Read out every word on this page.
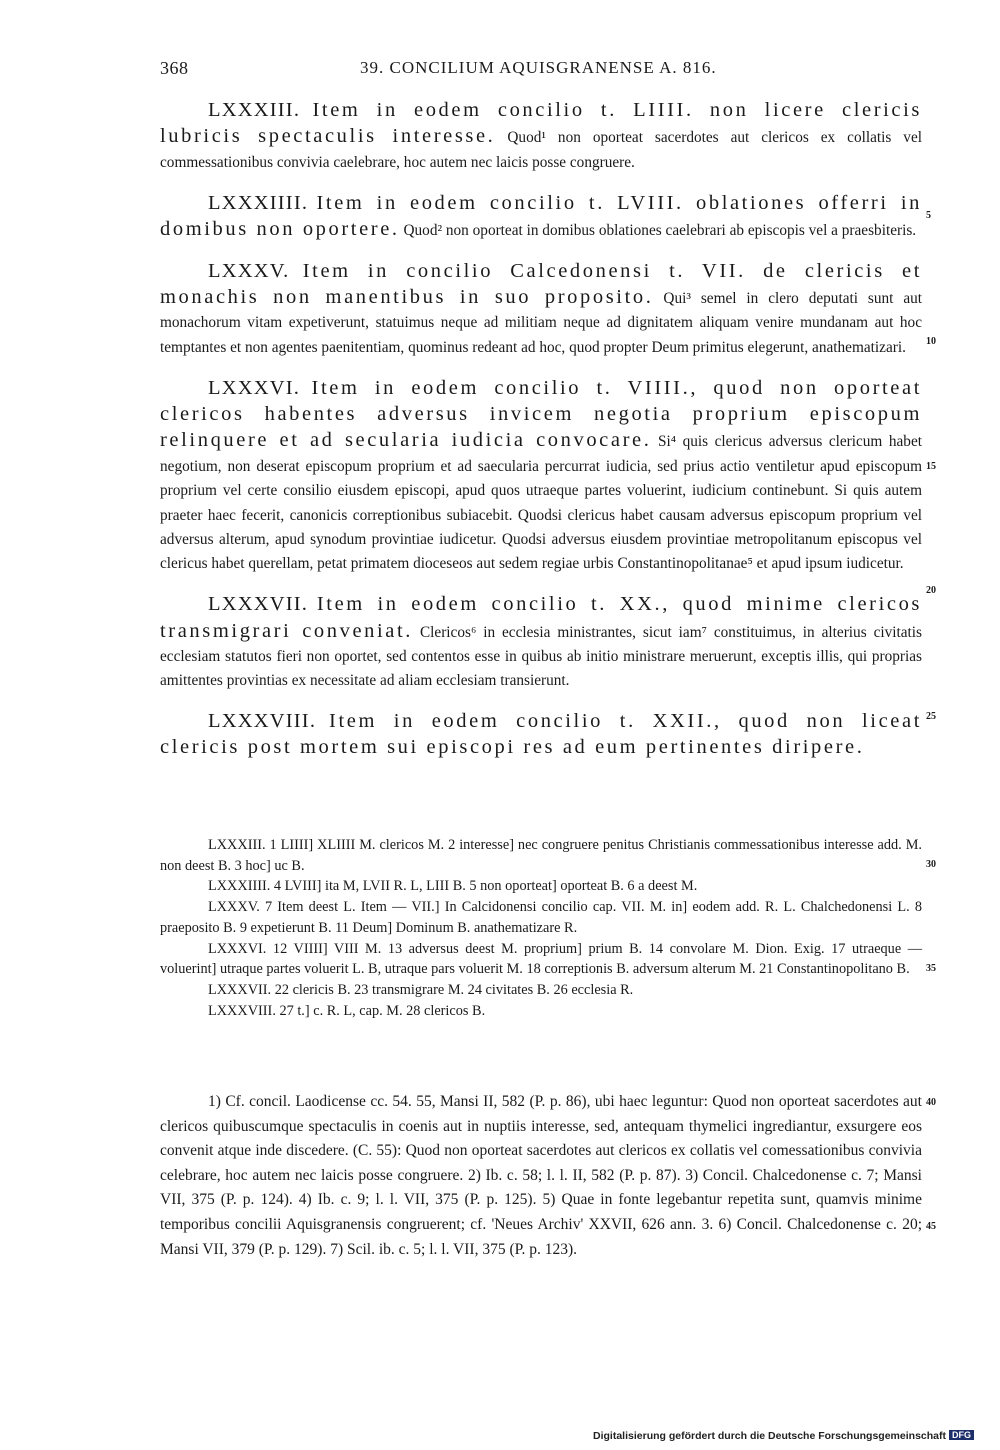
368	39. CONCILIUM AQUISGRANENSE A. 816.

LXXXIII. Item in eodem concilio t. LIIII. non licere clericis lubricis spectaculis interesse. Quod¹ non oporteat sacerdotes aut clericos ex collatis vel commessationibus convivia caelebrare, hoc autem nec laicis posse congruere.

LXXXIIII. Item in eodem concilio t. LVIII. oblationes offerri in domibus non oportere. Quod² non oporteat in domibus oblationes caelebrari ab episcopis vel a praesbiteris.

LXXXV. Item in concilio Calcedonensi t. VII. de clericis et monachis non manentibus in suo proposito. Qui³ semel in clero deputati sunt aut monachorum vitam expetiverunt, statuimus neque ad militiam neque ad dignitatem aliquam venire mundanam aut hoc temptantes et non agentes paenitentiam, quominus redeant ad hoc, quod propter Deum primitus elegerunt, anathematizari.

LXXXVI. Item in eodem concilio t. VIIII., quod non oporteat clericos habentes adversus invicem negotia proprium episcopum relinquere et ad secularia iudicia convocare. Si⁴ quis clericus adversus clericum habet negotium, non deserat episcopum proprium et ad saecularia percurrat iudicia, sed prius actio ventiletur apud episcopum proprium vel certe consilio eiusdem episcopi, apud quos utraeque partes voluerint, iudicium continebunt. Si quis autem praeter haec fecerit, canonicis correptionibus subiacebit. Quodsi clericus habet causam adversus episcopum proprium vel adversus alterum, apud synodum provintiae iudicetur. Quodsi adversus eiusdem provintiae metropolitanum episcopus vel clericus habet querellam, petat primatem dioceseos aut sedem regiae urbis Constantinopolitanae⁵ et apud ipsum iudicetur.

LXXXVII. Item in eodem concilio t. XX., quod minime clericos transmigrari conveniat. Clericos⁶ in ecclesia ministrantes, sicut iam⁷ constituimus, in alterius civitatis ecclesiam statutos fieri non oportet, sed contentos esse in quibus ab initio ministrare meruerunt, exceptis illis, qui proprias amittentes provintias ex necessitate ad aliam ecclesiam transierunt.

LXXXVIII. Item in eodem concilio t. XXII., quod non liceat clericis post mortem sui episcopi res ad eum pertinentes diripere.

5
10
15
20
25
30
35
40
45
LXXXIII. 1 LIIII] XLIIII M. clericos M. 2 interesse] nec congruere penitus Christianis commessationibus interesse add. M. non deest B. 3 hoc] uc B.
LXXXIIII. 4 LVIII] ita M, LVII R. L, LIII B. 5 non oporteat] oporteat B. 6 a deest M.
LXXXV. 7 Item deest L. Item — VII.] In Calcidonensi concilio cap. VII. M. in] eodem add. R. L. Chalchedonensi L. 8 praeposito B. 9 expetierunt B. 11 Deum] Dominum B. anathematizare R.
LXXXVI. 12 VIIII] VIII M. 13 adversus deest M. proprium] prium B. 14 convolare M. Dion. Exig. 17 utraeque — voluerint] utraque partes voluerit L. B, utraque pars voluerit M. 18 correptionis B. adversum alterum M. 21 Constantinopolitano B.
LXXXVII. 22 clericis B. 23 transmigrare M. 24 civitates B. 26 ecclesia R.
LXXXVIII. 27 t.] c. R. L, cap. M. 28 clericos B.
1) Cf. concil. Laodicense cc. 54. 55, Mansi II, 582 (P. p. 86), ubi haec leguntur: Quod non oporteat sacerdotes aut clericos quibuscumque spectaculis in coenis aut in nuptiis interesse, sed, antequam thymelici ingrediantur, exsurgere eos convenit atque inde discedere. (C. 55): Quod non oporteat sacerdotes aut clericos ex collatis vel comessationibus convivia celebrare, hoc autem nec laicis posse congruere. 2) Ib. c. 58; l. l. II, 582 (P. p. 87). 3) Concil. Chalcedonense c. 7; Mansi VII, 375 (P. p. 124). 4) Ib. c. 9; l. l. VII, 375 (P. p. 125). 5) Quae in fonte legebantur repetita sunt, quamvis minime temporibus concilii Aquisgranensis congruerent; cf. 'Neues Archiv' XXVII, 626 ann. 3. 6) Concil. Chalcedonense c. 20; Mansi VII, 379 (P. p. 129). 7) Scil. ib. c. 5; l. l. VII, 375 (P. p. 123).
Digitalisierung gefördert durch die Deutsche Forschungsgemeinschaft DFG
